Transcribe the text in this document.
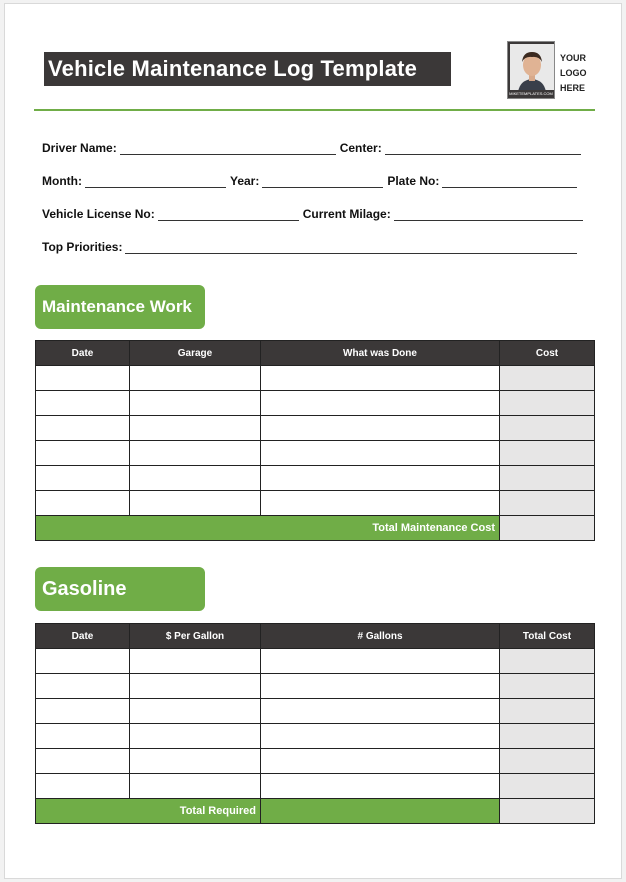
Vehicle Maintenance Log Template
MIKETEMPLATES.COM
YOUR
LOGO
HERE
Driver Name:	Center:
Month:	Year:	Plate No:
Vehicle License No:	Current Milage:
Top Priorities:
Maintenance Work
Date	Garage	What was Done	Cost

Total Maintenance Cost			
Gasoline
Date	$ Per Gallon	# Gallons	Total Cost

Total Required			
